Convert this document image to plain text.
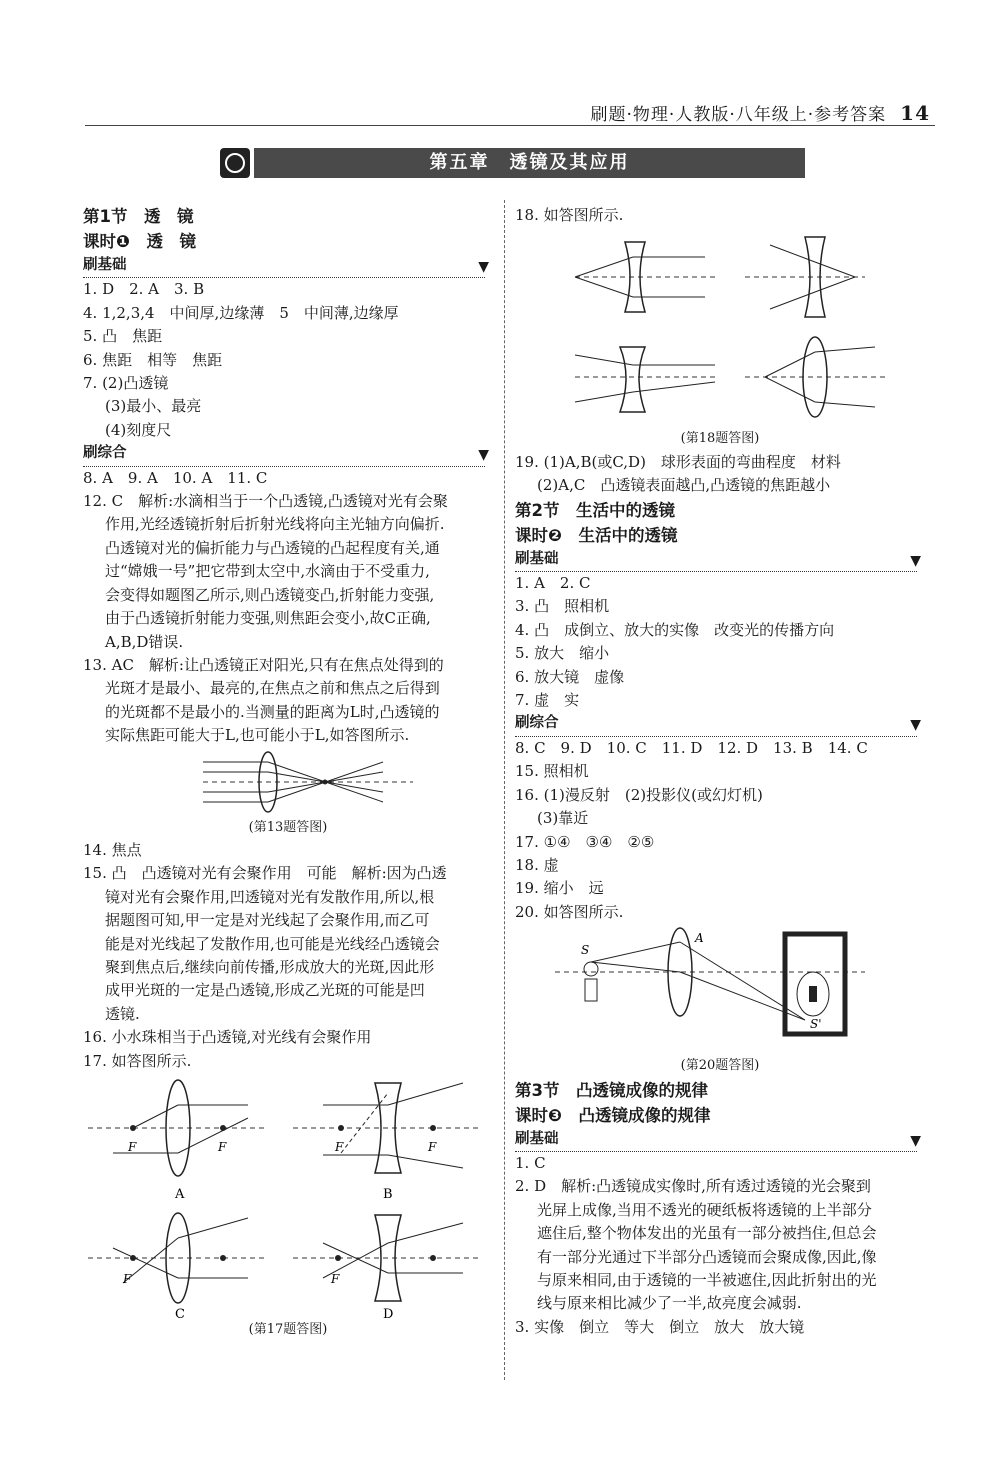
刷题·物理·人教版·八年级上·参考答案 14
第五章　透镜及其应用
第1节　透　镜
课时❶　透　镜
刷基础	▼
1. D　2. A　3. B
4. 1,2,3,4　中间厚,边缘薄　5　中间薄,边缘厚
5. 凸　焦距
6. 焦距　相等　焦距
7. (2)凸透镜
(3)最小、最亮
(4)刻度尺
刷综合	▼
8. A　9. A　10. A　11. C
12. C　解析:水滴相当于一个凸透镜,凸透镜对光有会聚
作用,光经透镜折射后折射光线将向主光轴方向偏折.
凸透镜对光的偏折能力与凸透镜的凸起程度有关,通
过“嫦娥一号”把它带到太空中,水滴由于不受重力,
会变得如题图乙所示,则凸透镜变凸,折射能力变强,
由于凸透镜折射能力变强,则焦距会变小,故C正确,
A,B,D错误.
13. AC　解析:让凸透镜正对阳光,只有在焦点处得到的
光斑才是最小、最亮的,在焦点之前和焦点之后得到
的光斑都不是最小的.当测量的距离为L时,凸透镜的
实际焦距可能大于L,也可能小于L,如答图所示.
(第13题答图)
14. 焦点
15. 凸　凸透镜对光有会聚作用　可能　解析:因为凸透
镜对光有会聚作用,凹透镜对光有发散作用,所以,根
据题图可知,甲一定是对光线起了会聚作用,而乙可
能是对光线起了发散作用,也可能是光线经凸透镜会
聚到焦点后,继续向前传播,形成放大的光斑,因此形
成甲光斑的一定是凸透镜,形成乙光斑的可能是凹
透镜.
16. 小水珠相当于凸透镜,对光线有会聚作用
17. 如答图所示.
F	F
A
F	F
B
F
C
F
D
(第17题答图)
18. 如答图所示.
(第18题答图)
19. (1)A,B(或C,D)　球形表面的弯曲程度　材料
(2)A,C　凸透镜表面越凸,凸透镜的焦距越小
第2节　生活中的透镜
课时❷　生活中的透镜
刷基础	▼
1. A　2. C
3. 凸　照相机
4. 凸　成倒立、放大的实像　改变光的传播方向
5. 放大　缩小
6. 放大镜　虚像
7. 虚　实
刷综合	▼
8. C　9. D　10. C　11. D　12. D　13. B　14. C
15. 照相机
16. (1)漫反射　(2)投影仪(或幻灯机)
(3)靠近
17. ①④　③④　②⑤
18. 虚
19. 缩小　远
20. 如答图所示.
S
A
S'
(第20题答图)
第3节　凸透镜成像的规律
课时❸　凸透镜成像的规律
刷基础	▼
1. C
2. D　解析:凸透镜成实像时,所有透过透镜的光会聚到
光屏上成像,当用不透光的硬纸板将透镜的上半部分
遮住后,整个物体发出的光虽有一部分被挡住,但总会
有一部分光通过下半部分凸透镜而会聚成像,因此,像
与原来相同,由于透镜的一半被遮住,因此折射出的光
线与原来相比减少了一半,故亮度会减弱.
3. 实像　倒立　等大　倒立　放大　放大镜
